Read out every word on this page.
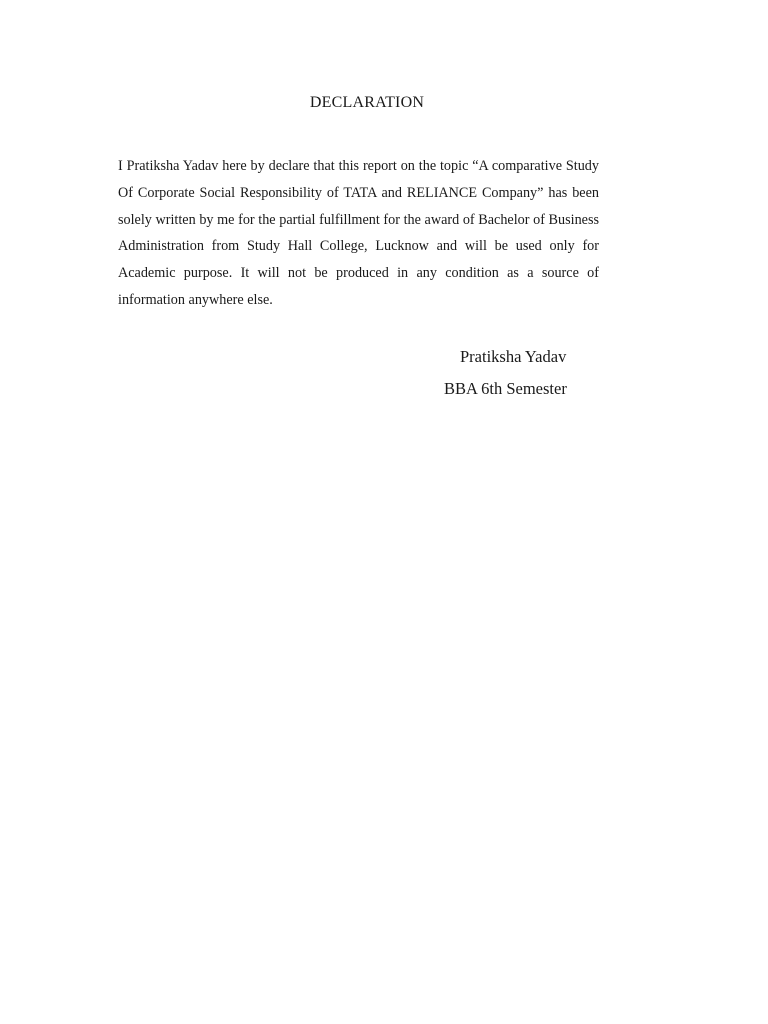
DECLARATION

I Pratiksha Yadav here by declare that this report on the topic “A comparative Study Of Corporate Social Responsibility of TATA and RELIANCE Company” has been solely written by me for the partial fulfillment for the award of Bachelor of Business Administration from Study Hall College, Lucknow and will be used only for Academic purpose. It will not be produced in any condition as a source of information anywhere else.

Pratiksha Yadav
BBA 6th Semester
